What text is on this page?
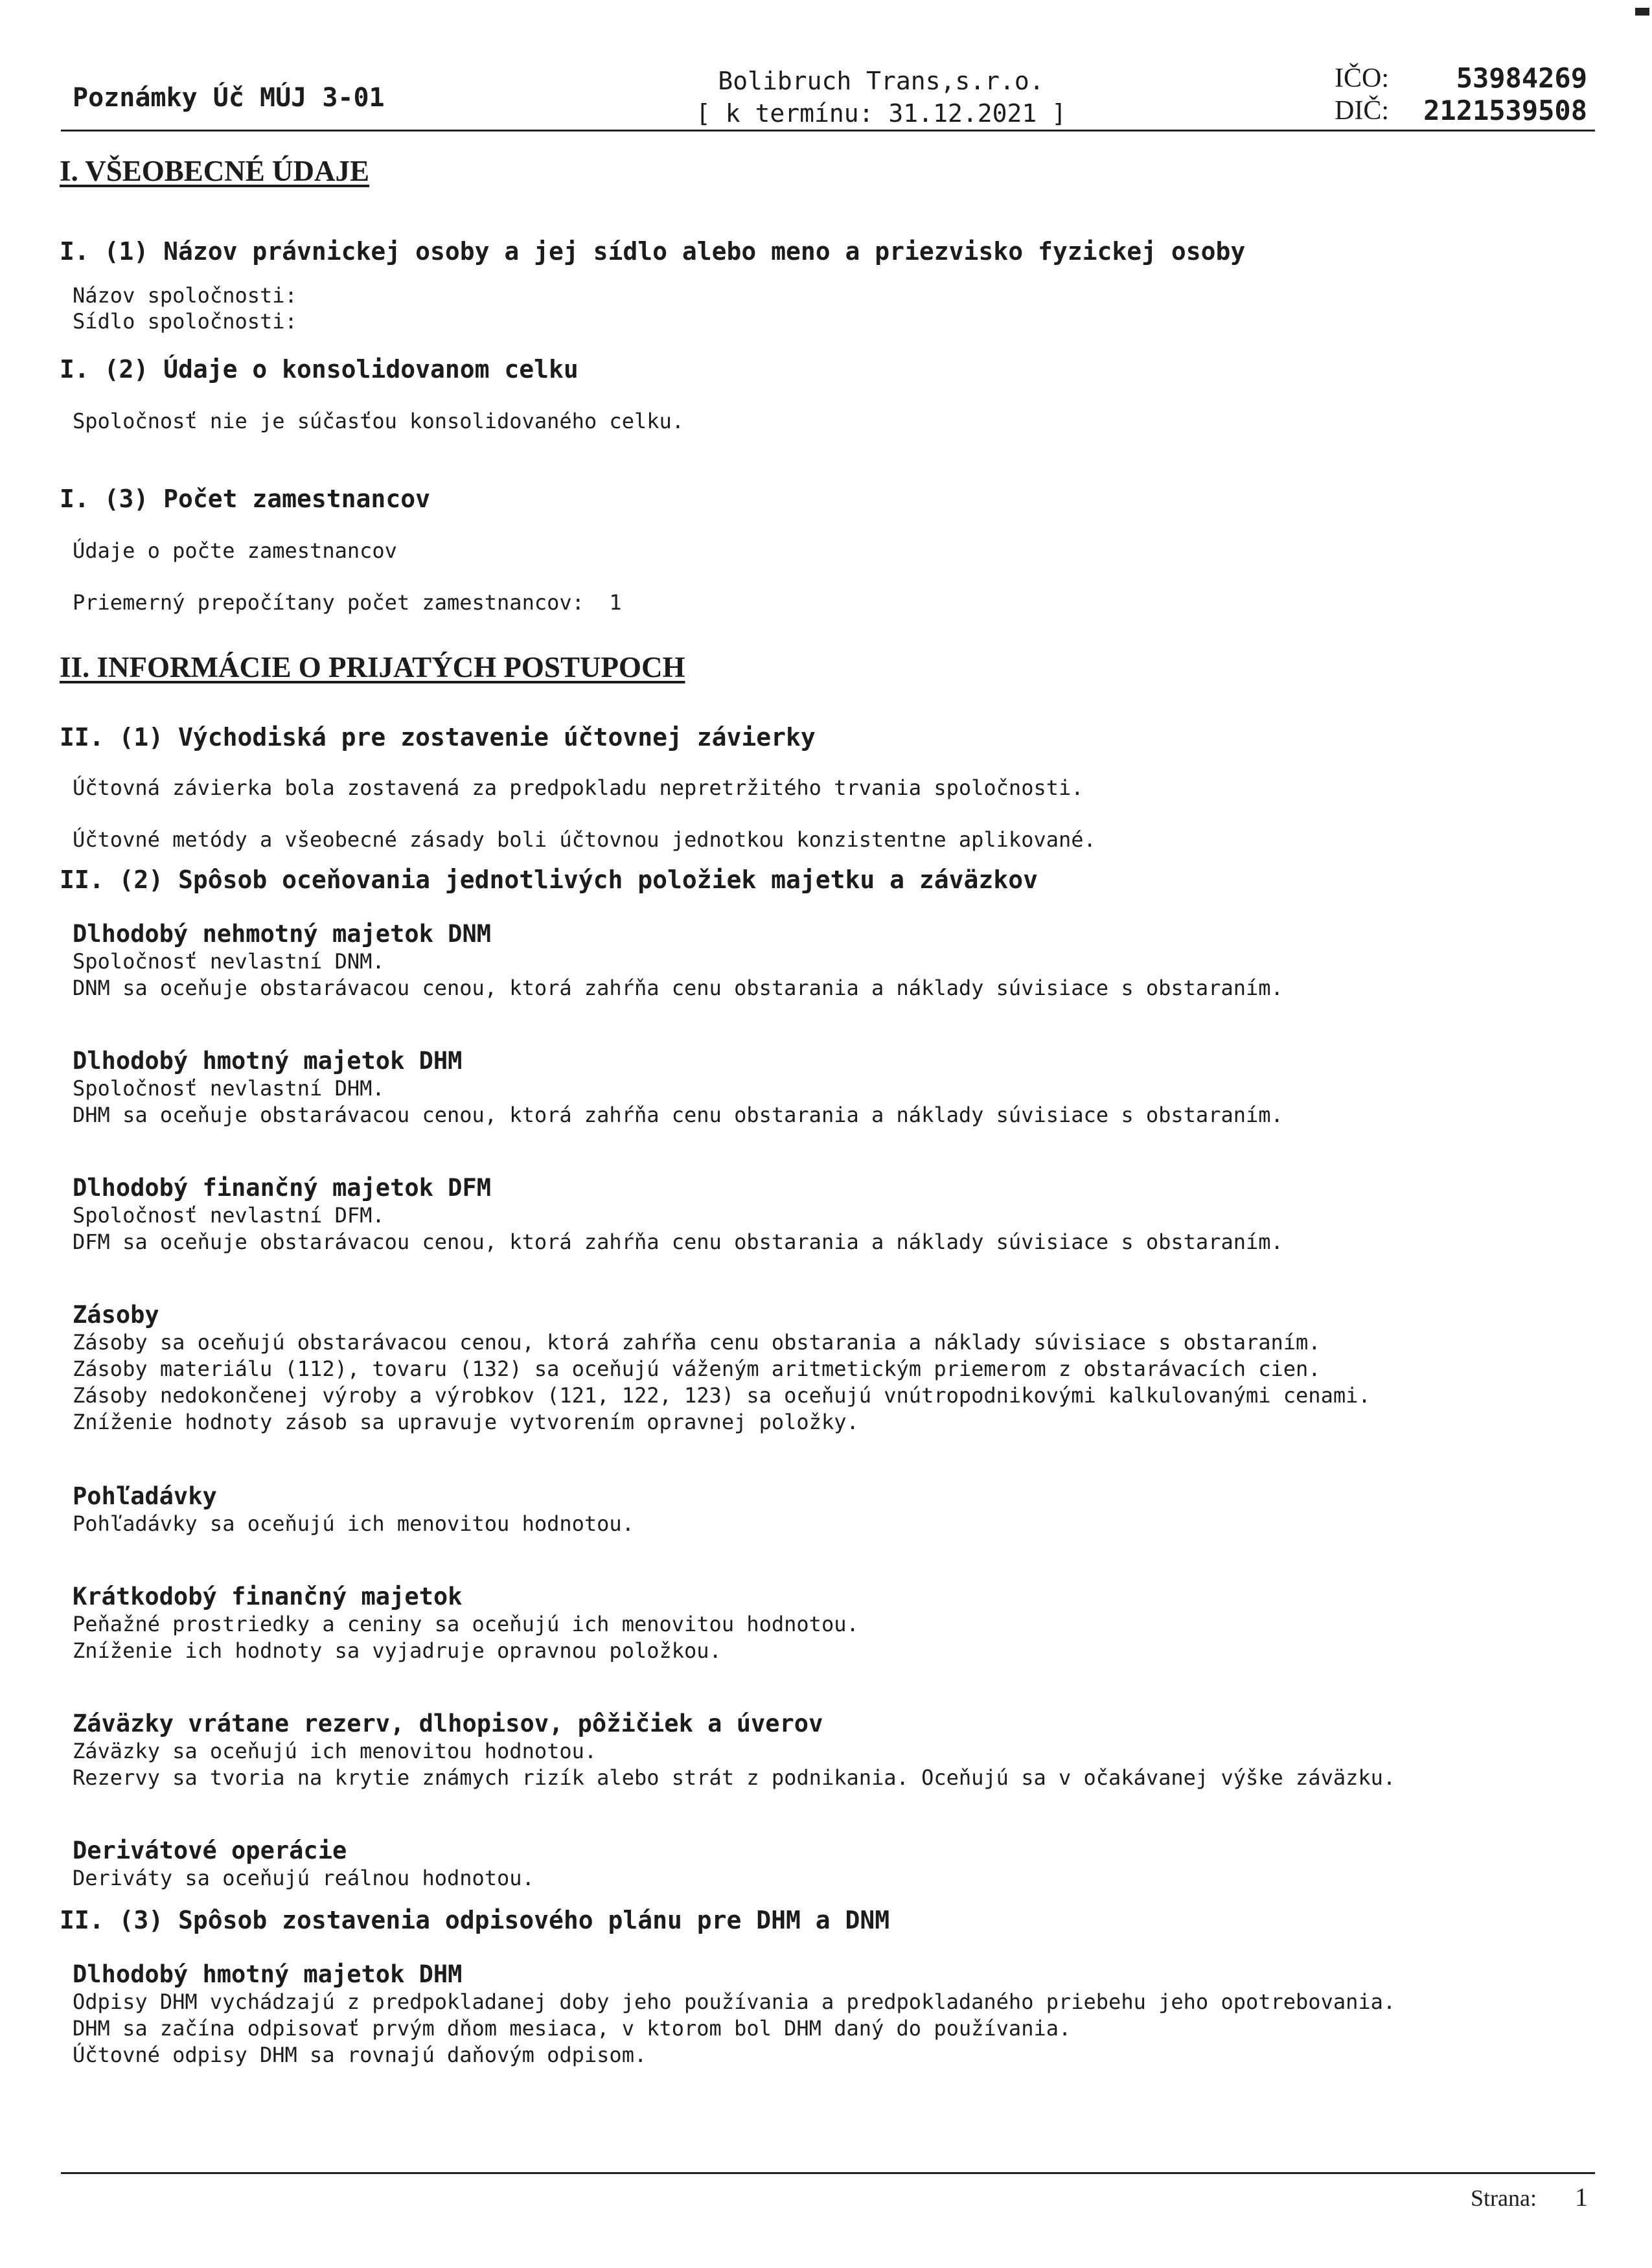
Poznámky Úč MÚJ 3-01
Bolibruch Trans,s.r.o.
[ k termínu: 31.12.2021 ]
IČO: 53984269
DIČ: 2121539508
I. VŠEOBECNÉ ÚDAJE
I. (1) Názov právnickej osoby a jej sídlo alebo meno a priezvisko fyzickej osoby

Názov spoločnosti:

Sídlo spoločnosti:

I. (2) Údaje o konsolidovanom celku

Spoločnosť nie je súčasťou konsolidovaného celku.

I. (3) Počet zamestnancov

Údaje o počte zamestnancov

Priemerný prepočítany počet zamestnancov:  1

II. INFORMÁCIE O PRIJATÝCH POSTUPOCH
II. (1) Východiská pre zostavenie účtovnej závierky

Účtovná závierka bola zostavená za predpokladu nepretržitého trvania spoločnosti.

Účtovné metódy a všeobecné zásady boli účtovnou jednotkou konzistentne aplikované.

II. (2) Spôsob oceňovania jednotlivých položiek majetku a záväzkov

Dlhodobý nehmotný majetok DNM

Spoločnosť nevlastní DNM.

DNM sa oceňuje obstarávacou cenou, ktorá zahŕňa cenu obstarania a náklady súvisiace s obstaraním.

Dlhodobý hmotný majetok DHM

Spoločnosť nevlastní DHM.

DHM sa oceňuje obstarávacou cenou, ktorá zahŕňa cenu obstarania a náklady súvisiace s obstaraním.

Dlhodobý finančný majetok DFM

Spoločnosť nevlastní DFM.

DFM sa oceňuje obstarávacou cenou, ktorá zahŕňa cenu obstarania a náklady súvisiace s obstaraním.

Zásoby

Zásoby sa oceňujú obstarávacou cenou, ktorá zahŕňa cenu obstarania a náklady súvisiace s obstaraním.

Zásoby materiálu (112), tovaru (132) sa oceňujú váženým aritmetickým priemerom z obstarávacích cien.

Zásoby nedokončenej výroby a výrobkov (121, 122, 123) sa oceňujú vnútropodnikovými kalkulovanými cenami.

Zníženie hodnoty zásob sa upravuje vytvorením opravnej položky.

Pohľadávky

Pohľadávky sa oceňujú ich menovitou hodnotou.

Krátkodobý finančný majetok

Peňažné prostriedky a ceniny sa oceňujú ich menovitou hodnotou.

Zníženie ich hodnoty sa vyjadruje opravnou položkou.

Záväzky vrátane rezerv, dlhopisov, pôžičiek a úverov

Záväzky sa oceňujú ich menovitou hodnotou.

Rezervy sa tvoria na krytie známych rizík alebo strát z podnikania. Oceňujú sa v očakávanej výške záväzku.

Derivátové operácie

Deriváty sa oceňujú reálnou hodnotou.

II. (3) Spôsob zostavenia odpisového plánu pre DHM a DNM

Dlhodobý hmotný majetok DHM

Odpisy DHM vychádzajú z predpokladanej doby jeho používania a predpokladaného priebehu jeho opotrebovania.

DHM sa začína odpisovať prvým dňom mesiaca, v ktorom bol DHM daný do používania.

Účtovné odpisy DHM sa rovnajú daňovým odpisom.

Strana: 1
